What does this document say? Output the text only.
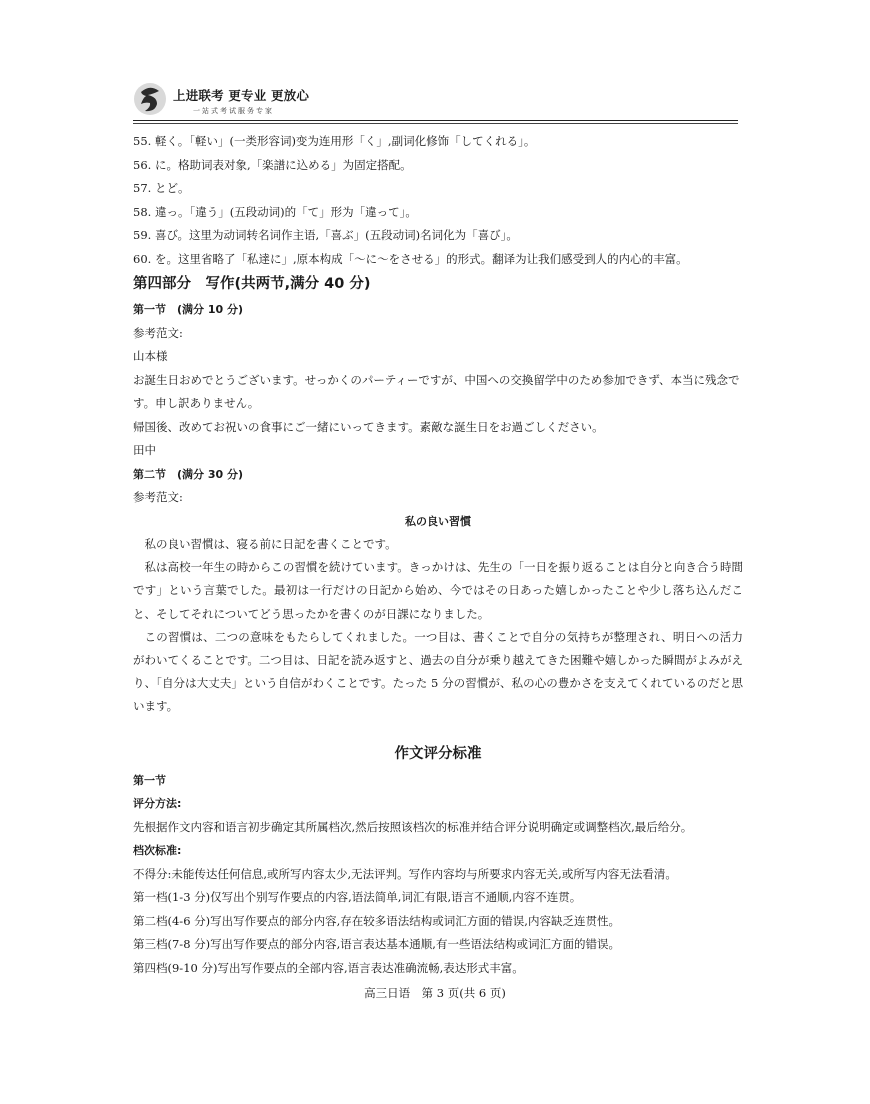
上进联考 更专业 更放心
一站式考试服务专家
55. 軽く。「軽い」(一类形容词)变为连用形「く」,副词化修饰「してくれる」。
56. に。格助词表对象,「楽譜に込める」为固定搭配。
57. とど。
58. 違っ。「違う」(五段动词)的「て」形为「違って」。
59. 喜び。这里为动词转名词作主语,「喜ぶ」(五段动词)名词化为「喜び」。
60. を。这里省略了「私達に」,原本构成「～に～をさせる」的形式。翻译为让我们感受到人的内心的丰富。
第四部分　写作(共两节,满分 40 分)
第一节　(满分 10 分)
参考范文:
山本様
お誕生日おめでとうございます。せっかくのパーティーですが、中国への交換留学中のため参加できず、本当に残念です。申し訳ありません。
帰国後、改めてお祝いの食事にご一緒にいってきます。素敵な誕生日をお過ごしください。
田中
第二节　(满分 30 分)
参考范文:
私の良い習慣
私の良い習慣は、寝る前に日記を書くことです。
私は高校一年生の時からこの習慣を続けています。きっかけは、先生の「一日を振り返ることは自分と向き合う時間です」という言葉でした。最初は一行だけの日記から始め、今ではその日あった嬉しかったことや少し落ち込んだこと、そしてそれについてどう思ったかを書くのが日課になりました。
この習慣は、二つの意味をもたらしてくれました。一つ目は、書くことで自分の気持ちが整理され、明日への活力がわいてくることです。二つ目は、日記を読み返すと、過去の自分が乗り越えてきた困難や嬉しかった瞬間がよみがえり、「自分は大丈夫」という自信がわくことです。たった 5 分の習慣が、私の心の豊かさを支えてくれているのだと思います。
作文评分标准
第一节
评分方法:
先根据作文内容和语言初步确定其所属档次,然后按照该档次的标准并结合评分说明确定或调整档次,最后给分。
档次标准:
不得分:未能传达任何信息,或所写内容太少,无法评判。写作内容均与所要求内容无关,或所写内容无法看清。
第一档(1-3 分)仅写出个别写作要点的内容,语法简单,词汇有限,语言不通顺,内容不连贯。
第二档(4-6 分)写出写作要点的部分内容,存在较多语法结构或词汇方面的错误,内容缺乏连贯性。
第三档(7-8 分)写出写作要点的部分内容,语言表达基本通顺,有一些语法结构或词汇方面的错误。
第四档(9-10 分)写出写作要点的全部内容,语言表达准确流畅,表达形式丰富。
高三日语　第 3 页(共 6 页)
